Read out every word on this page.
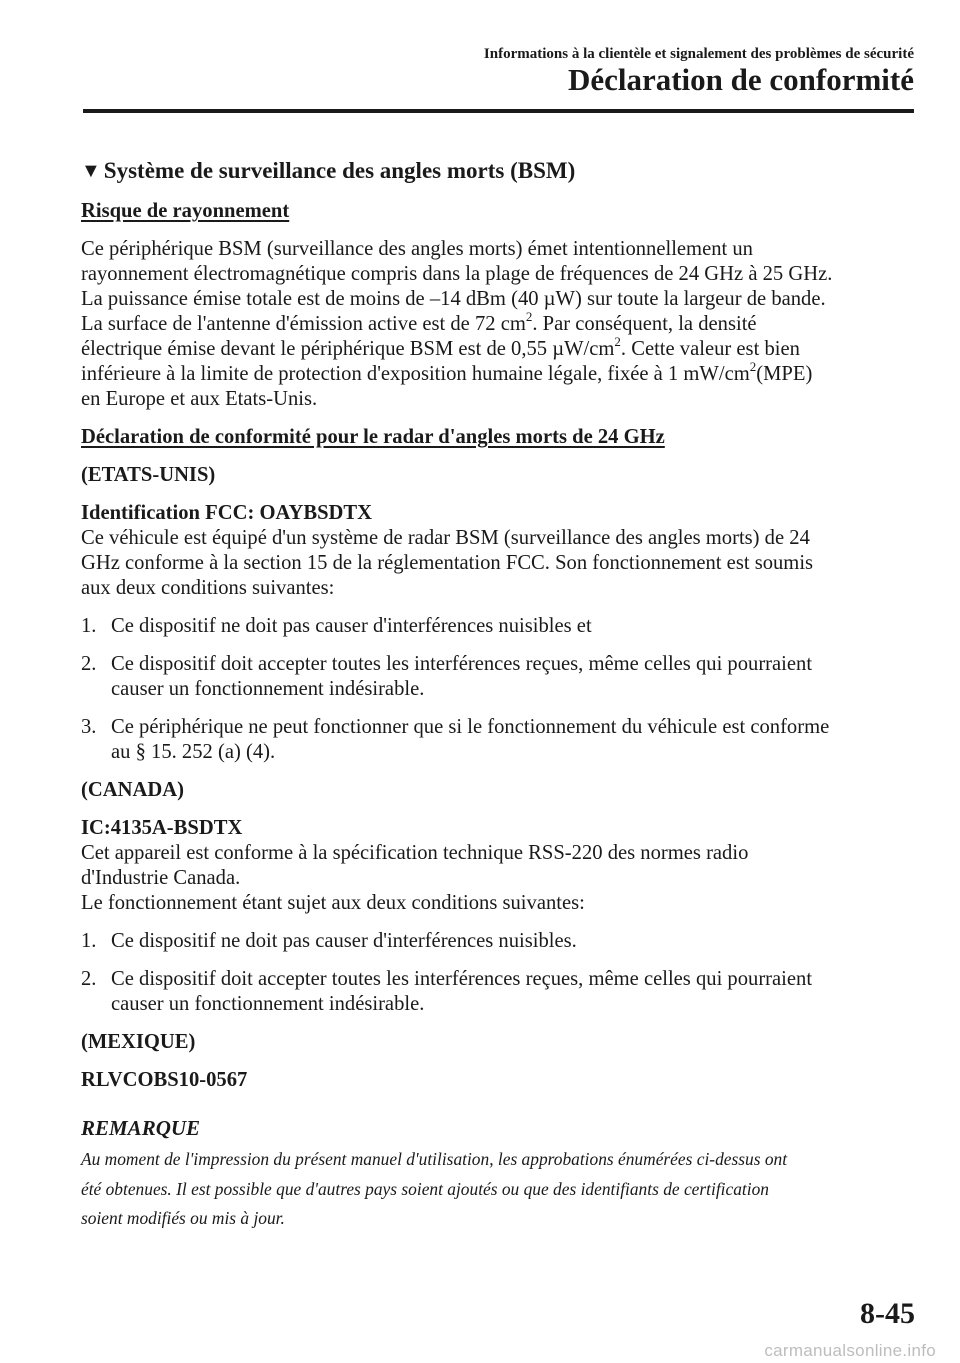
Informations à la clientèle et signalement des problèmes de sécurité
Déclaration de conformité
▼ Système de surveillance des angles morts (BSM)
Risque de rayonnement
Ce périphérique BSM (surveillance des angles morts) émet intentionnellement un
rayonnement électromagnétique compris dans la plage de fréquences de 24 GHz à 25 GHz.
La puissance émise totale est de moins de –14 dBm (40 µW) sur toute la largeur de bande.
La surface de l'antenne d'émission active est de 72 $cm^2$. Par conséquent, la densité
électrique émise devant le périphérique BSM est de 0,55 $\mu W/cm^2$. Cette valeur est bien
inférieure à la limite de protection d'exposition humaine légale, fixée à 1 $mW/cm^2(MPE)$
en Europe et aux Etats-Unis.
Déclaration de conformité pour le radar d'angles morts de 24 GHz
(ETATS-UNIS)
Identification FCC: OAYBSDTX
Ce véhicule est équipé d'un système de radar BSM (surveillance des angles morts) de 24
GHz conforme à la section 15 de la réglementation FCC. Son fonctionnement est soumis
aux deux conditions suivantes:
1. Ce dispositif ne doit pas causer d'interférences nuisibles et
2. Ce dispositif doit accepter toutes les interférences reçues, même celles qui pourraient
causer un fonctionnement indésirable.
3. Ce périphérique ne peut fonctionner que si le fonctionnement du véhicule est conforme
au § 15. 252 (a) (4).
(CANADA)
IC:4135A-BSDTX
Cet appareil est conforme à la spécification technique RSS-220 des normes radio
d'Industrie Canada.
Le fonctionnement étant sujet aux deux conditions suivantes:
1. Ce dispositif ne doit pas causer d'interférences nuisibles.
2. Ce dispositif doit accepter toutes les interférences reçues, même celles qui pourraient
causer un fonctionnement indésirable.
(MEXIQUE)
RLVCOBS10-0567
REMARQUE
Au moment de l'impression du présent manuel d'utilisation, les approbations énumérées ci-dessus ont
été obtenues. Il est possible que d'autres pays soient ajoutés ou que des identifiants de certification
soient modifiés ou mis à jour.
8-45
carmanualsonline.info
